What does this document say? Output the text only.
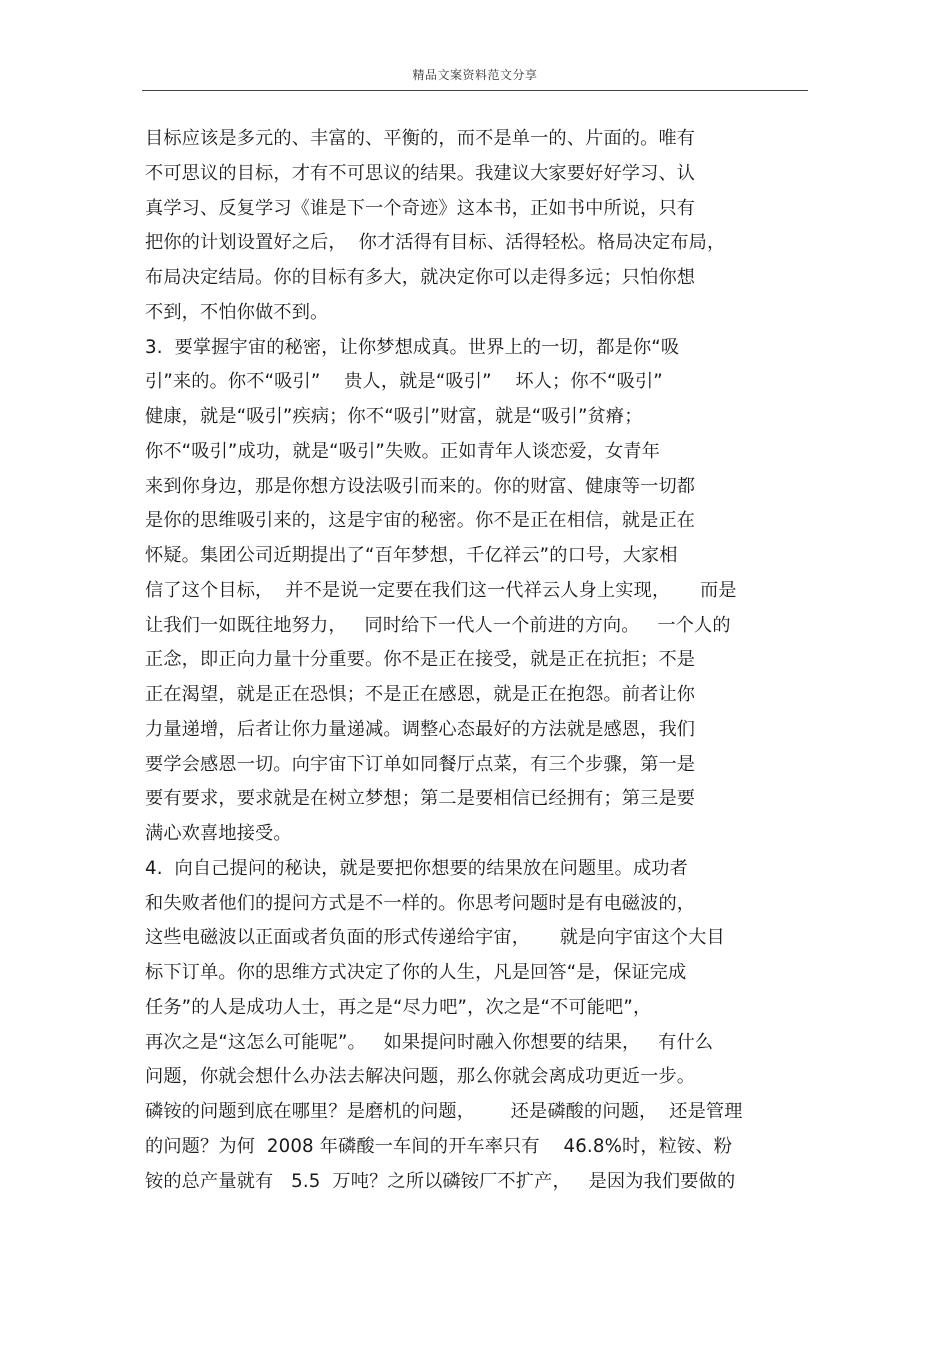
精品文案资料范文分享
目标应该是多元的、丰富的、平衡的，而不是单一的、片面的。唯有
不可思议的目标，才有不可思议的结果。我建议大家要好好学习、认
真学习、反复学习《谁是下一个奇迹》这本书，正如书中所说，只有
把你的计划设置好之后，  你才活得有目标、活得轻松。格局决定布局，
布局决定结局。你的目标有多大，就决定你可以走得多远；只怕你想
不到，不怕你做不到。
3.  要掌握宇宙的秘密，让你梦想成真。世界上的一切，都是你“吸
引”来的。你不“吸引”    贵人，就是“吸引”    坏人；你不“吸引”
健康，就是“吸引”疾病；你不“吸引”财富，就是“吸引”贫瘠；
你不“吸引”成功，就是“吸引”失败。正如青年人谈恋爱，女青年
来到你身边，那是你想方设法吸引而来的。你的财富、健康等一切都
是你的思维吸引来的，这是宇宙的秘密。你不是正在相信，就是正在
怀疑。集团公司近期提出了“百年梦想，千亿祥云”的口号，大家相
信了这个目标，  并不是说一定要在我们这一代祥云人身上实现，     而是
让我们一如既往地努力，   同时给下一代人一个前进的方向。   一个人的
正念，即正向力量十分重要。你不是正在接受，就是正在抗拒；不是
正在渴望，就是正在恐惧；不是正在感恩，就是正在抱怨。前者让你
力量递增，后者让你力量递减。调整心态最好的方法就是感恩，我们
要学会感恩一切。向宇宙下订单如同餐厅点菜，有三个步骤，第一是
要有要求，要求就是在树立梦想；第二是要相信已经拥有；第三是要
满心欢喜地接受。
4.  向自己提问的秘诀，就是要把你想要的结果放在问题里。成功者
和失败者他们的提问方式是不一样的。你思考问题时是有电磁波的，
这些电磁波以正面或者负面的形式传递给宇宙，     就是向宇宙这个大目
标下订单。你的思维方式决定了你的人生，凡是回答“是，保证完成
任务”的人是成功人士，再之是“尽力吧”，次之是“不可能吧”，
再次之是“这怎么可能呢”。   如果提问时融入你想要的结果，   有什么
问题，你就会想什么办法去解决问题，那么你就会离成功更近一步。
磷铵的问题到底在哪里？是磨机的问题，      还是磷酸的问题，  还是管理
的问题？为何  2008 年磷酸一车间的开车率只有    46.8%时，粒铵、粉
铵的总产量就有   5.5  万吨？之所以磷铵厂不扩产，   是因为我们要做的
